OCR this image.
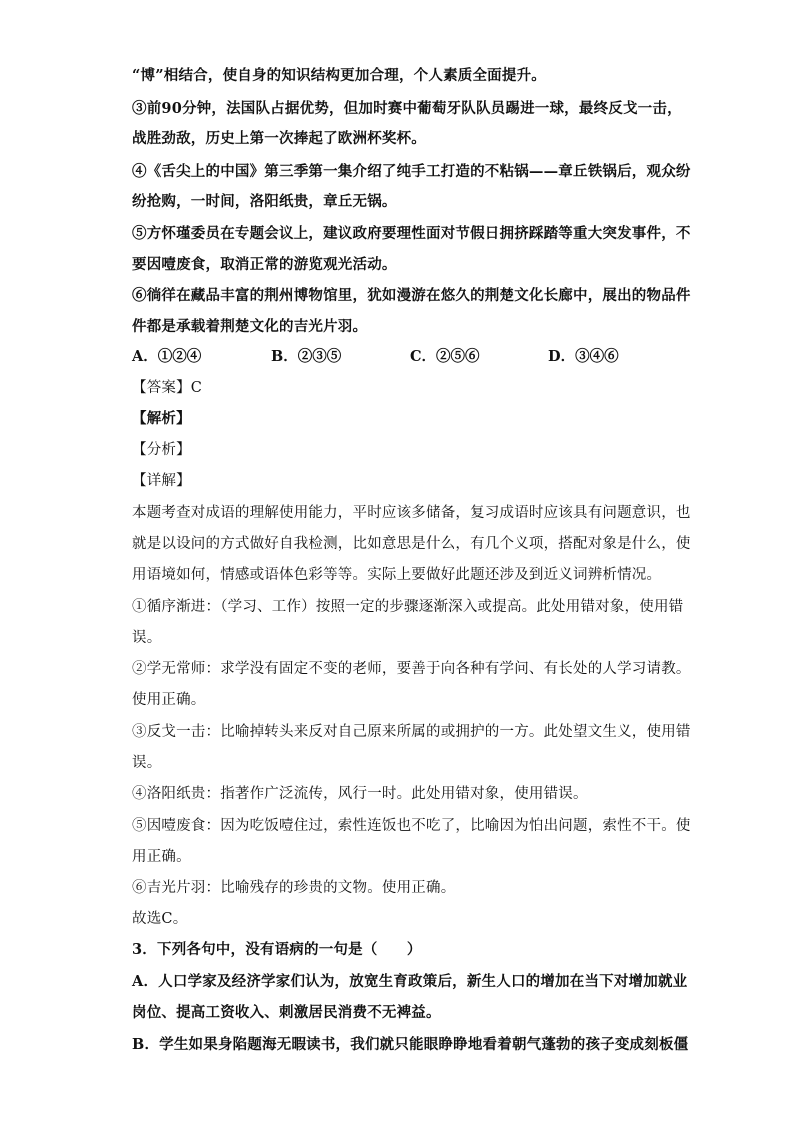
“博”相结合，使自身的知识结构更加合理，个人素质全面提升。
③前90分钟，法国队占据优势，但加时赛中葡萄牙队队员踢进一球，最终反戈一击，
战胜劲敌，历史上第一次捧起了欧洲杯奖杯。
④《舌尖上的中国》第三季第一集介绍了纯手工打造的不粘锅——章丘铁锅后，观众纷
纷抢购，一时间，洛阳纸贵，章丘无锅。
⑤方怀瑾委员在专题会议上，建议政府要理性面对节假日拥挤踩踏等重大突发事件，不
要因噎废食，取消正常的游览观光活动。
⑥徜徉在藏品丰富的荆州博物馆里，犹如漫游在悠久的荆楚文化长廊中，展出的物品件
件都是承载着荆楚文化的吉光片羽。
A．①②④	B．②③⑤	C．②⑤⑥	D．③④⑥
【答案】C
【解析】
【分析】
【详解】
本题考查对成语的理解使用能力，平时应该多储备，复习成语时应该具有问题意识，也
就是以设问的方式做好自我检测，比如意思是什么，有几个义项，搭配对象是什么，使
用语境如何，情感或语体色彩等等。实际上要做好此题还涉及到近义词辨析情况。
①循序渐进：（学习、工作）按照一定的步骤逐渐深入或提高。此处用错对象，使用错
误。
②学无常师：求学没有固定不变的老师，要善于向各种有学问、有长处的人学习请教。
使用正确。
③反戈一击：比喻掉转头来反对自己原来所属的或拥护的一方。此处望文生义，使用错
误。
④洛阳纸贵：指著作广泛流传，风行一时。此处用错对象，使用错误。
⑤因噎废食：因为吃饭噎住过，索性连饭也不吃了，比喻因为怕出问题，索性不干。使
用正确。
⑥吉光片羽：比喻残存的珍贵的文物。使用正确。
故选C。
3．下列各句中，没有语病的一句是（　　）
A．人口学家及经济学家们认为，放宽生育政策后，新生人口的增加在当下对增加就业
岗位、提高工资收入、刺激居民消费不无裨益。
B．学生如果身陷题海无暇读书，我们就只能眼睁睁地看着朝气蓬勃的孩子变成刻板僵
